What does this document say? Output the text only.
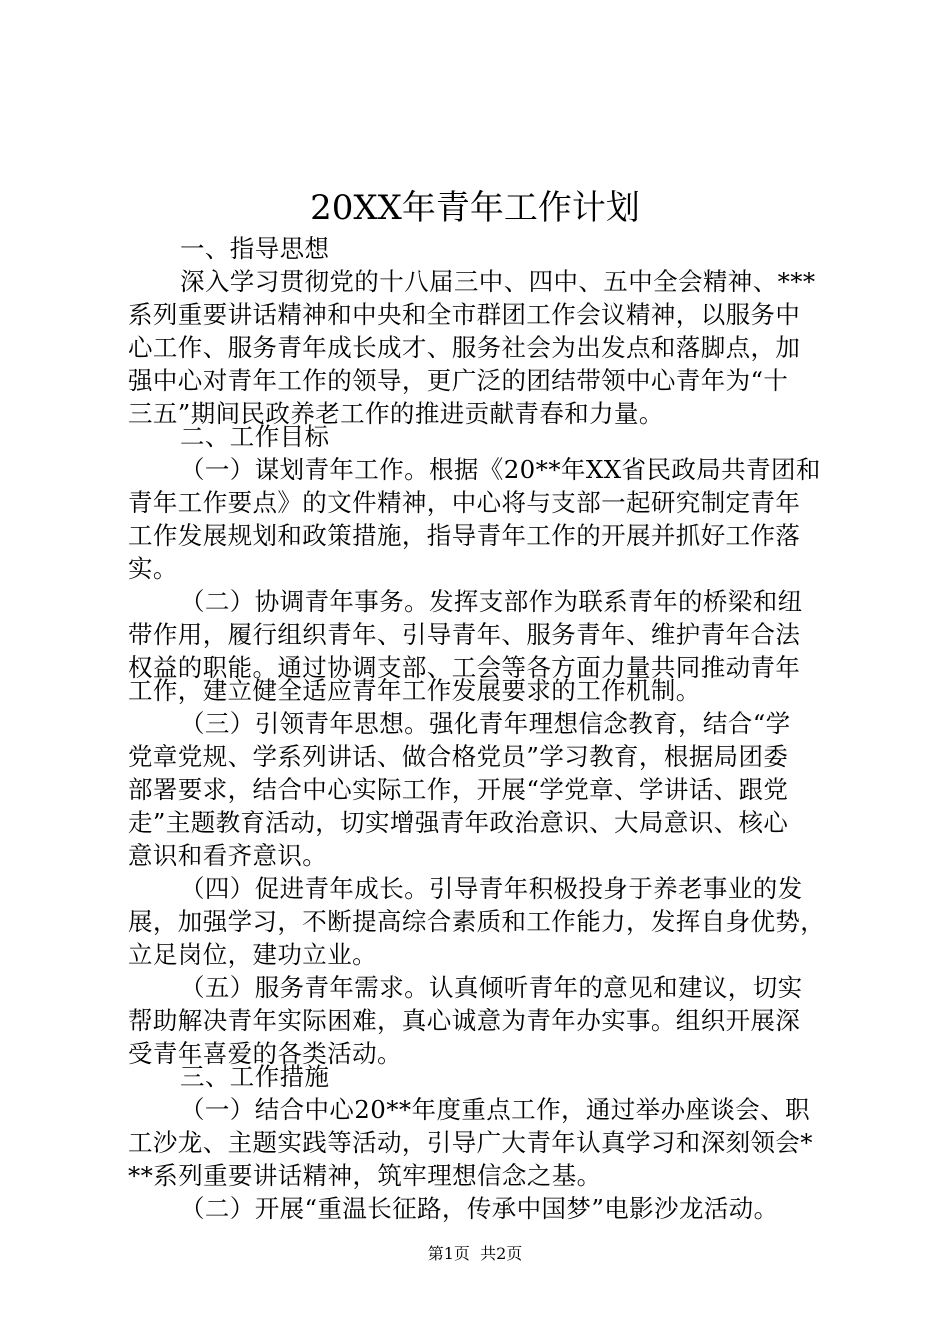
20XX年青年工作计划
一、指导思想
深入学习贯彻党的十八届三中、四中、五中全会精神、***
系列重要讲话精神和中央和全市群团工作会议精神，以服务中
心工作、服务青年成长成才、服务社会为出发点和落脚点，加
强中心对青年工作的领导，更广泛的团结带领中心青年为“十
三五”期间民政养老工作的推进贡献青春和力量。
二、工作目标
（一）谋划青年工作。根据《20**年XX省民政局共青团和
青年工作要点》的文件精神，中心将与支部一起研究制定青年
工作发展规划和政策措施，指导青年工作的开展并抓好工作落
实。
（二）协调青年事务。发挥支部作为联系青年的桥梁和纽
带作用，履行组织青年、引导青年、服务青年、维护青年合法
权益的职能。通过协调支部、工会等各方面力量共同推动青年
工作，建立健全适应青年工作发展要求的工作机制。
（三）引领青年思想。强化青年理想信念教育，结合“学
党章党规、学系列讲话、做合格党员”学习教育，根据局团委
部署要求，结合中心实际工作，开展“学党章、学讲话、跟党
走”主题教育活动，切实增强青年政治意识、大局意识、核心
意识和看齐意识。
（四）促进青年成长。引导青年积极投身于养老事业的发
展，加强学习，不断提高综合素质和工作能力，发挥自身优势，
立足岗位，建功立业。
（五）服务青年需求。认真倾听青年的意见和建议，切实
帮助解决青年实际困难，真心诚意为青年办实事。组织开展深
受青年喜爱的各类活动。
三、工作措施
（一）结合中心20**年度重点工作，通过举办座谈会、职
工沙龙、主题实践等活动，引导广大青年认真学习和深刻领会*
**系列重要讲话精神，筑牢理想信念之基。
（二）开展“重温长征路，传承中国梦”电影沙龙活动。
第1页  共2页
